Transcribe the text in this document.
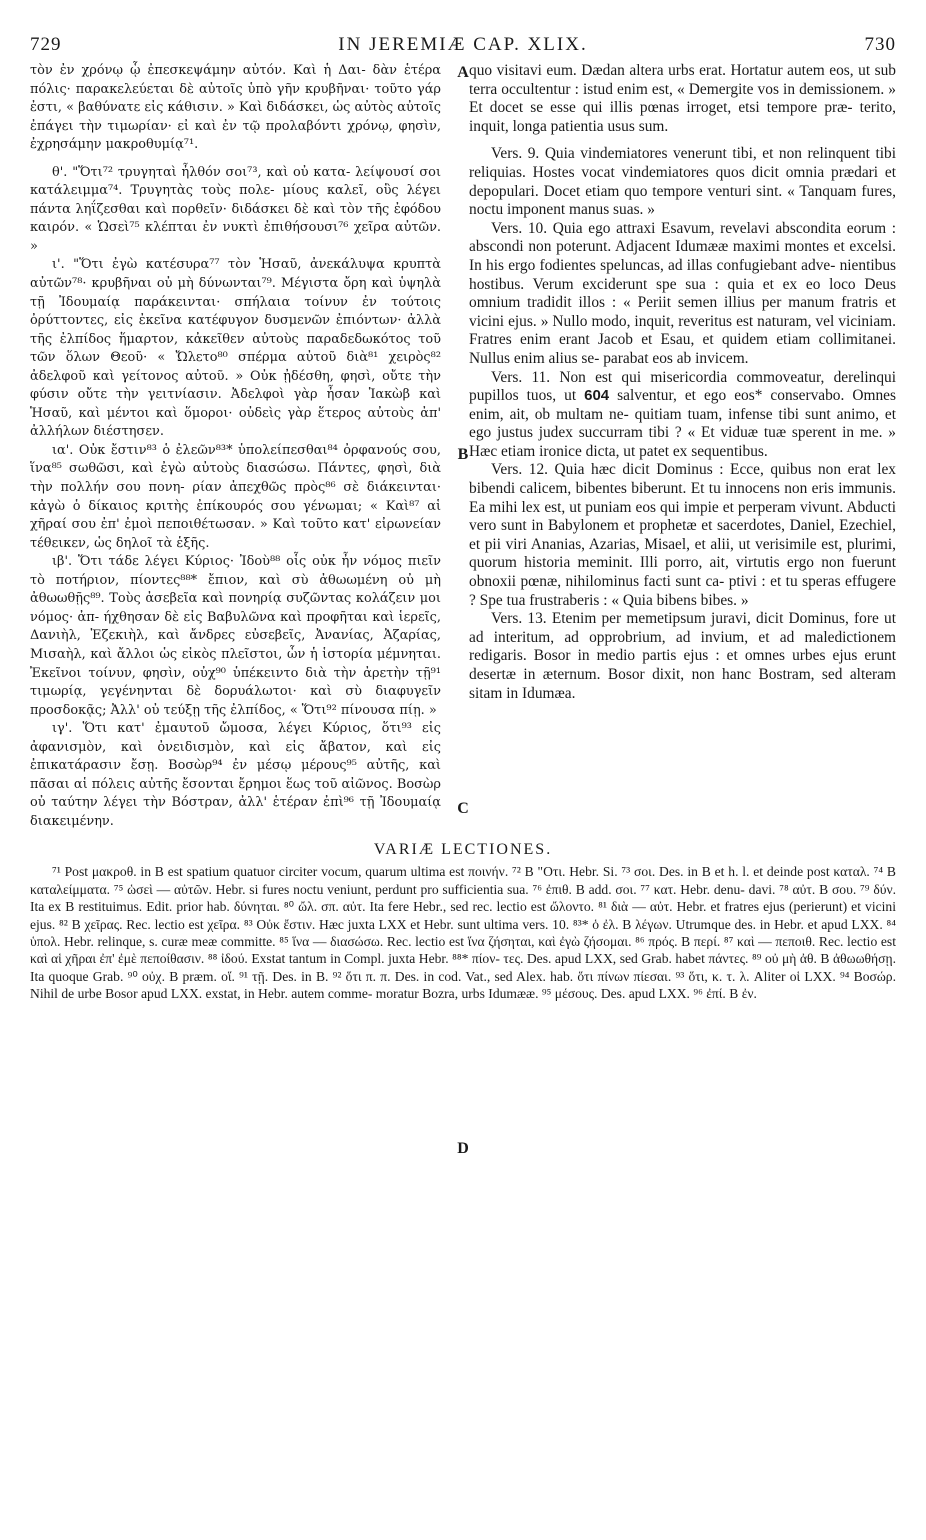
729	IN JEREMIÆ CAP. XLIX.	730
A
B
C
D

τὸν ἐν χρόνῳ ᾧ ἐπεσκεψάμην αὐτόν. Καὶ ἡ Δαι- δὰν ἑτέρα πόλις· παρακελεύεται δὲ αὐτοῖς ὑπὸ γῆν κρυβῆναι· τοῦτο γάρ ἐστι, « βαθύνατε εἰς κάθισιν. » Καὶ διδάσκει, ὡς αὐτὸς αὐτοῖς ἐπάγει τὴν τιμωρίαν· εἰ καὶ ἐν τῷ προλαβόντι χρόνῳ, φησὶν, ἐχρησάμην μακροθυμίᾳ⁷¹.

θ'. "Ὅτι⁷² τρυγηταὶ ἦλθόν σοι⁷³, καὶ οὐ κατα- λείψουσί σοι κατάλειμμα⁷⁴. Τρυγητὰς τοὺς πολε- μίους καλεῖ, οὓς λέγει πάντα ληΐζεσθαι καὶ πορθεῖν· διδάσκει δὲ καὶ τὸν τῆς ἐφόδου καιρόν. « Ὡσεὶ⁷⁵ κλέπται ἐν νυκτὶ ἐπιθήσουσι⁷⁶ χεῖρα αὐτῶν. »

ι'. "Ὅτι ἐγὼ κατέσυρα⁷⁷ τὸν Ἡσαῦ, ἀνεκάλυψα κρυπτὰ αὐτῶν⁷⁸· κρυβῆναι οὐ μὴ δύνωνται⁷⁹. Μέγιστα ὄρη καὶ ὑψηλὰ τῇ Ἰδουμαίᾳ παράκεινται· σπήλαια τοίνυν ἐν τούτοις ὀρύττοντες, εἰς ἐκεῖνα κατέφυγον δυσμενῶν ἐπιόντων· ἀλλὰ τῆς ἐλπίδος ἥμαρτον, κἀκεῖθεν αὐτοὺς παραδεδωκότος τοῦ τῶν ὅλων Θεοῦ· « Ὤλετο⁸⁰ σπέρμα αὐτοῦ διὰ⁸¹ χειρὸς⁸² ἀδελφοῦ καὶ γείτονος αὐτοῦ. » Οὐκ ᾐδέσθη, φησὶ, οὔτε τὴν φύσιν οὔτε τὴν γειτνίασιν. Ἀδελφοὶ γὰρ ἦσαν Ἰακὼβ καὶ Ἡσαῦ, καὶ μέντοι καὶ ὅμοροι· οὐδεὶς γὰρ ἕτερος αὐτοὺς ἀπ' ἀλλήλων διέστησεν.

ια'. Οὐκ ἔστιν⁸³ ὁ ἐλεῶν⁸³* ὑπολείπεσθαι⁸⁴ ὀρφανούς σου, ἵνα⁸⁵ σωθῶσι, καὶ ἐγὼ αὐτοὺς διασώσω. Πάντες, φησὶ, διὰ τὴν πολλήν σου πονη- ρίαν ἀπεχθῶς πρὸς⁸⁶ σὲ διάκεινται· κἀγὼ ὁ δίκαιος κριτὴς ἐπίκουρός σου γένωμαι; « Καὶ⁸⁷ αἱ χῆραί σου ἐπ' ἐμοὶ πεποιθέτωσαν. » Καὶ τοῦτο κατ' εἰρωνείαν τέθεικεν, ὡς δηλοῖ τὰ ἑξῆς.

ιβ'. Ὅτι τάδε λέγει Κύριος· Ἰδοὺ⁸⁸ οἷς οὐκ ἦν νόμος πιεῖν τὸ ποτήριον, πίοντες⁸⁸* ἔπιον, καὶ σὺ ἀθωωμένη οὐ μὴ ἀθωωθῇς⁸⁹. Τοὺς ἀσεβεῖα καὶ πονηρίᾳ συζῶντας κολάζειν μοι νόμος· ἀπ- ήχθησαν δὲ εἰς Βαβυλῶνα καὶ προφῆται καὶ ἱερεῖς, Δανιὴλ, Ἐζεκιὴλ, καὶ ἄνδρες εὐσεβεῖς, Ἀνανίας, Ἀζαρίας, Μισαὴλ, καὶ ἄλλοι ὡς εἰκὸς πλεῖστοι, ὧν ἡ ἱστορία μέμνηται. Ἐκεῖνοι τοίνυν, φησὶν, οὐχ⁹⁰ ὑπέκειντο διὰ τὴν ἀρετὴν τῇ⁹¹ τιμωρίᾳ, γεγένηνται δὲ δορυάλωτοι· καὶ σὺ διαφυγεῖν προσδοκᾷς; Ἀλλ' οὐ τεύξῃ τῆς ἐλπίδος, « Ὅτι⁹² πίνουσα πίῃ. »

ιγ'. Ὅτι κατ' ἐμαυτοῦ ὤμοσα, λέγει Κύριος, ὅτι⁹³ εἰς ἀφανισμὸν, καὶ ὀνειδισμὸν, καὶ εἰς ἄβατον, καὶ εἰς ἐπικατάρασιν ἔσῃ. Βοσὼρ⁹⁴ ἐν μέσῳ μέρους⁹⁵ αὐτῆς, καὶ πᾶσαι αἱ πόλεις αὐτῆς ἔσονται ἔρημοι ἕως τοῦ αἰῶνος. Βοσὼρ οὐ ταύτην λέγει τὴν Βόστραν, ἀλλ' ἑτέραν ἐπὶ⁹⁶ τῇ Ἰδουμαίᾳ διακειμένην.

quo visitavi eum. Dædan altera urbs erat. Hortatur autem eos, ut sub terra occultentur : istud enim est, « Demergite vos in demissionem. » Et docet se esse qui illis pœnas irroget, etsi tempore præ- terito, inquit, longa patientia usus sum.

Vers. 9. Quia vindemiatores venerunt tibi, et non relinquent tibi reliquias. Hostes vocat vindemiatores quos dicit omnia prædari et depopulari. Docet etiam quo tempore venturi sint. « Tanquam fures, noctu imponent manus suas. »

Vers. 10. Quia ego attraxi Esavum, revelavi abscondita eorum : abscondi non poterunt. Adjacent Idumææ maximi montes et excelsi. In his ergo fodientes speluncas, ad illas confugiebant adve- nientibus hostibus. Verum exciderunt spe sua : quia et ex eo loco Deus omnium tradidit illos : « Periit semen illius per manum fratris et vicini ejus. » Nullo modo, inquit, reveritus est naturam, vel viciniam. Fratres enim erant Jacob et Esau, et quidem etiam collimitanei. Nullus enim alius se- parabat eos ab invicem.

Vers. 11. Non est qui misericordia commoveatur, derelinqui pupillos tuos, ut 604 salventur, et ego eos* conservabo. Omnes enim, ait, ob multam ne- quitiam tuam, infense tibi sunt animo, et ego justus judex succurram tibi ? « Et viduæ tuæ sperent in me. » Hæc etiam ironice dicta, ut patet ex sequentibus.

Vers. 12. Quia hæc dicit Dominus : Ecce, quibus non erat lex bibendi calicem, bibentes biberunt. Et tu innocens non eris immunis. Ea mihi lex est, ut puniam eos qui impie et perperam vivunt. Abducti vero sunt in Babylonem et prophetæ et sacerdotes, Daniel, Ezechiel, et pii viri Ananias, Azarias, Misael, et alii, ut verisimile est, plurimi, quorum historia meminit. Illi porro, ait, virtutis ergo non fuerunt obnoxii pœnæ, nihilominus facti sunt ca- ptivi : et tu speras effugere ? Spe tua frustraberis : « Quia bibens bibes. »

Vers. 13. Etenim per memetipsum juravi, dicit Dominus, fore ut ad interitum, ad opprobrium, ad invium, et ad maledictionem redigaris. Bosor in medio partis ejus : et omnes urbes ejus erunt desertæ in æternum. Bosor dixit, non hanc Bostram, sed alteram sitam in Idumæa.

VARIÆ LECTIONES.

⁷¹ Post μακροθ. in B est spatium quatuor circiter vocum, quarum ultima est ποινήν. ⁷² B "Οτι. Hebr. Si. ⁷³ σοι. Des. in B et h. l. et deinde post καταλ. ⁷⁴ B καταλείμματα. ⁷⁵ ὡσεὶ — αὐτῶν. Hebr. si fures noctu veniunt, perdunt pro sufficientia sua. ⁷⁶ ἐπιθ. B add. σοι. ⁷⁷ κατ. Hebr. denu- davi. ⁷⁸ αὐτ. B σου. ⁷⁹ δύν. Ita ex B restituimus. Edit. prior hab. δύνηται. ⁸⁰ ὤλ. σπ. αὐτ. Ita fere Hebr., sed rec. lectio est ὤλοντο. ⁸¹ διὰ — αὐτ. Hebr. et fratres ejus (perierunt) et vicini ejus. ⁸² B χεῖρας. Rec. lectio est χεῖρα. ⁸³ Οὐκ ἔστιν. Hæc juxta LXX et Hebr. sunt ultima vers. 10. ⁸³* ὁ ἐλ. B λέγων. Utrumque des. in Hebr. et apud LXX. ⁸⁴ ὑπολ. Hebr. relinque, s. curæ meæ committe. ⁸⁵ ἵνα — διασώσω. Rec. lectio est ἵνα ζήσηται, καὶ ἐγὼ ζήσομαι. ⁸⁶ πρός. B περί. ⁸⁷ καὶ — πεποιθ. Rec. lectio est καὶ αἱ χῆραι ἐπ' ἐμὲ πεποίθασιν. ⁸⁸ ἰδού. Exstat tantum in Compl. juxta Hebr. ⁸⁸* πίον- τες. Des. apud LXX, sed Grab. habet πάντες. ⁸⁹ οὐ μὴ ἀθ. B ἀθωωθήσῃ. Ita quoque Grab. ⁹⁰ οὐχ. B præm. οἵ. ⁹¹ τῇ. Des. in B. ⁹² ὅτι π. π. Des. in cod. Vat., sed Alex. hab. ὅτι πίνων πίεσαι. ⁹³ ὅτι, κ. τ. λ. Aliter oἱ LXX. ⁹⁴ Βοσώρ. Nihil de urbe Bosor apud LXX. exstat, in Hebr. autem comme- moratur Bozra, urbs Idumææ. ⁹⁵ μέσους. Des. apud LXX. ⁹⁶ ἐπί. B ἐν.
